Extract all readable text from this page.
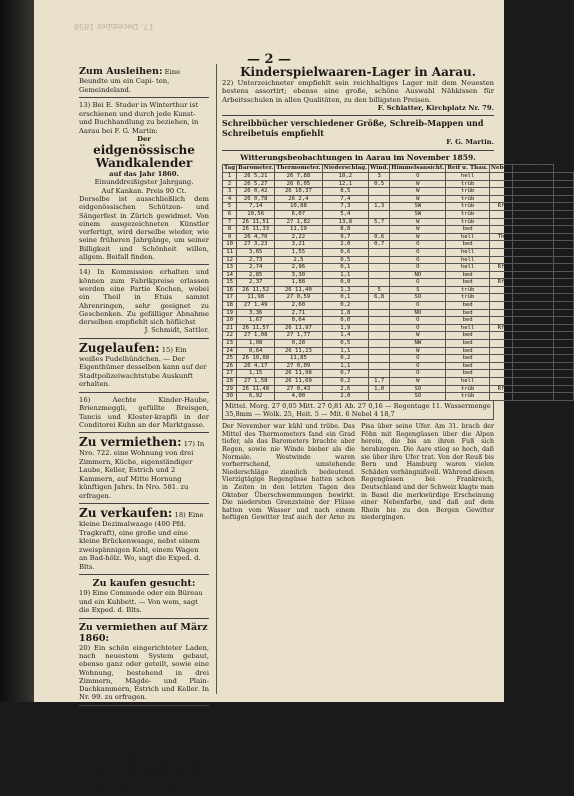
17. December 1858
— 2 —
Zum Ausleihen: Eine Beundte um ein Capi- ten, Gemeindeland.
13) Bei E. Studer in Winterthur ist erschienen und durch jede Kunst- und Buchhandlung zu beziehen, in Aarau bei F. G. Martin:
Der
eidgenössische Wandkalender
auf das Jahr 1860.
Einunddreißigster Jahrgang.
Auf Kankan. Preis 90 Ct.
Derselbe ist ausschließlich dem eidgenössischen Schützen- und Sängerfest in Zürich gewidmet. Von einem ausgezeichneten Künstler verfertigt, wird derselbe wieder, wie seine früheren Jahrgänge, um seiner Billigkeit und Schönheit willen, allgem. Beifall finden.
14) In Kommission erhalten und können zum Fabrikpreise erlassen werden eine Partie Kochen, wobei ein Theil in Etuis sammt Ahrenringen, sehr geeignet zu Geschenken. Zu gefälliger Abnahme derselben empfiehlt sich höflichst
J. Schmidt, Sattler.
Zugelaufen: 15) Ein weißes Pudelhündchen. — Der Eigenthümer desselben kann auf der Stadtpolizeiwachtstube Auskunft erhalten.
16) Aechte Kinder-Haube, Brienzmeggli, gefüllte Breisgen, Tancis und Kloster-krapfli in der Conditorei Kuhn an der Marktgasse.
Zu vermiethen: 17) In Nro. 722. eine Wohnung von drei Zimmern, Küche, eigenständiger Laube, Keller, Estrich und 2 Kammern, auf Mitte Hornung künftigen Jahrs. In Nro. 581. zu erfragen.
Zu verkaufen: 18) Eine kleine Dezimalwaage (400 Pfd. Tragkraft), eine große und eine kleine Brückenwaage, nebst einem zweispännigen Kohl, einem Wagen an Bad-hölz. Wo, sagt die Exped. d. Blts.
Zu kaufen gesucht:
19) Eine Commode oder ein Büreau und ein Kubbett. — Von wem, sagt die Exped. d. Blts.
Zu vermiethen auf März 1860:
20) Ein schön eingerichteter Laden, nach neuestem System gebaut, ebenso ganz oder geteilt, sowie eine Wohnung, bestehend in drei Zimmern, Mägde- und Plain-Dachkammern, Estrich und Keller. In Nr. 99. zu erfragen.
Bei F. G. Martin ist zu beziehen:
Winterfahrten-Plan.
Der Reisebegleiter für die Schweiz.
Uebersicht der schweizerischen Eisenbahn-, Dampfschiff- & Post-Verbindungen, mit einem Eisenbahnkärtchen. Preis 30 Rp.
Kinderspielwaaren-Lager in Aarau.
22) Unterzeichneter empfiehlt sein reichhaltiges Lager mit dem Neuesten bestens assortirt; ebenso eine große, schöne Auswahl Nähkissen für Arbeitsschulen in allen Qualitäten, zu den billigsten Preisen.
F. Schlatter, Kirchplatz Nr. 79.
Schreibbücher verschiedener Größe, Schreib-Mappen und Schreibetuis empfiehlt
F. G. Martin.
Witterungsbeobachtungen in Aarau im November 1859.
Tag	Barometer.	Thermometer.	Niederschlag.	Wind.	Himmelsansicht.	Reif u. Thau.	Nebel.	Mitt. Wärm.	
1	26 5,21	26 7,88	10,2	3	O	hell			Zelt.
2	26 5,27	26 6,05	12,1	0,5	W	trüb			7 66
3	26 0,42	26 10,37	8,5		W	trüb			5 65
4	26 0,78	26 2,4	7,4		W	trüb			5 56
5	7,14	10,88	7,3	1,3	SW	trüb	Rf	R	5 38
6	10,56	6,07	5,4		SW	trüb			5 22
7	26 11,51	27 1,82	13,8	5,7	W	trüb			5 19
8	26 11,33	11,19	8,8		W	bed			5 17
9	26 4,70	2,22	9,7	0,6	W	hell	Th	R	5 14
10	27 3,23	3,21	2,0	0,7	O	bed			5 22
11	3,65	1,55	0,6		O	hell			5 22
12	2,73	2,5	0,5		O	hell			5 18
13	2,74	2,96	0,1		O	hell	Rf		5 14
14	2,85	3,30	1,1		NO	bed			5 12
15	2,37	1,88	0,0		O	bed	Rf		5 18
16	26 11,52	26 11,40	1,3	5	S	trüb			5 12
17	11,98	27 0,59	0,1	6,8	SO	trüb			5 11
18	27 1,49	2,60	0,2		O	bed			5 12
19	3,36	2,71	1,8		NO	bed			5 1
20	1,67	0,64	0,0		O	bed			4 51
21	26 11,57	26 11,97	1,9		O	hell	Rf		4 41
22	27 1,08	27 1,77	1,4		W	bed			4 33
23	1,08	0,28	0,5		NW	bed			4 18
24	0,64	26 11,23	1,1		W	bed			4 6
25	26 10,08	11,85	0,2		O	bed			4 3
26	26 4,17	27 0,09	1,1		O	bed			4 3
27	1,15	26 11,98	0,7		O	bed			4 5
28	27 1,58	26 11,69	0,2	1,7	W	hell			4 1
29	26 11,48	27 0,43	2,6	1,0	SO	trüb	Rf	R	3 59
30	6,92	4,00	2,0		SO	trüb			3 58
Mittel. Morg. 27 0,05 Mitt. 27 0,81 Ab. 27 0,16 — Regentage 11. Wassermenge 35,8mm — Wolk. 25, Heit. 5 — Mit. 6 Nebel 4 18,7
Der November war kühl und trübe. Das Mittel des Thermometers fand ein Grad tiefer, als das Barometers brachte aber Regen, sowie nie Winde bieber als die Normale. Westwinde waren vorherrschend, umstehende Niederschläge ziemlich bedeutend. Vierzigtägige Regengüsse hatten schon in Zeiten in den letzten Tagen des Oktober Überschwemmungen bewirkt. Die niedersten Grenzsteine der Flüsse hatten vom Wasser und nach einem heftigen Gewitter traf auch der Arno zu Pisa über seine Ufer. Am 31. brach der Föhn mit Regengüssen über die Alpen herein, die bis an ihren Fuß sich herabzogen. Die Aare stieg so hoch, daß sie über ihre Ufer trat. Von der Reuß bis Bern und Hamburg waren vielen Schäden verhängnißvoll. Während diesen Regengüssen bei Frankreich, Deutschland und der Schweiz klagte man in Basel die merkwürdige Erscheinung einer Nebenfarbe, und daß auf dem Rhein bis zu den Bergen Gewitter niedergingen.
